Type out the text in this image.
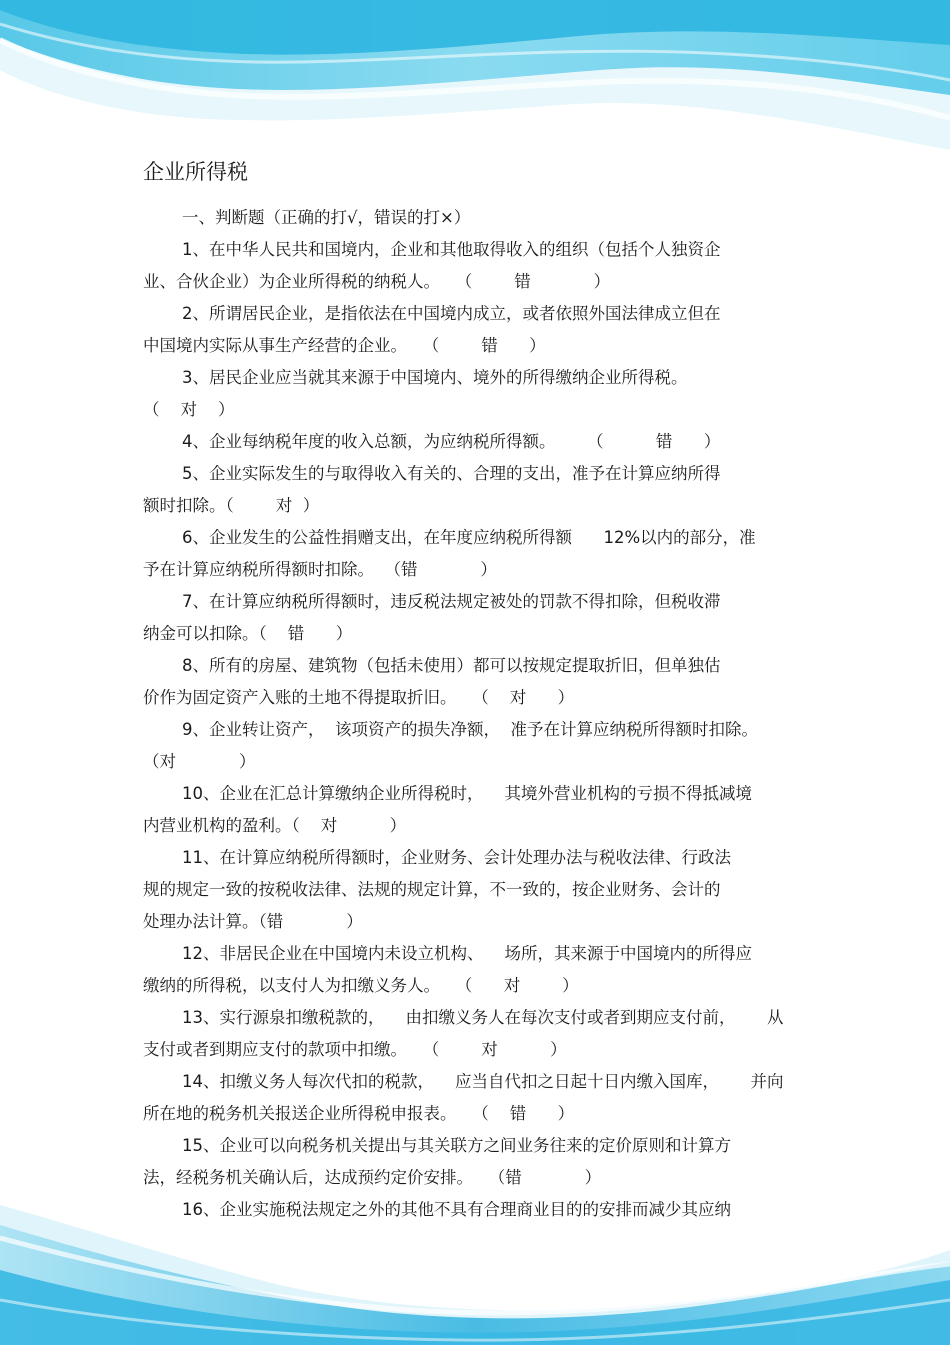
企业所得税
一、判断题（正确的打√，错误的打×）
1、在中华人民共和国境内，企业和其他取得收入的组织（包括个人独资企
业、合伙企业）为企业所得税的纳税人。   （        错            ）
2、所谓居民企业，是指依法在中国境内成立，或者依照外国法律成立但在
中国境内实际从事生产经营的企业。   （        错      ）
3、居民企业应当就其来源于中国境内、境外的所得缴纳企业所得税。
（    对    ）
4、企业每纳税年度的收入总额，为应纳税所得额。      （          错      ）
5、企业实际发生的与取得收入有关的、合理的支出，准予在计算应纳所得
额时扣除。（        对  ）
6、企业发生的公益性捐赠支出，在年度应纳税所得额      12%以内的部分，准
予在计算应纳税所得额时扣除。  （错            ）
7、在计算应纳税所得额时，违反税法规定被处的罚款不得扣除，但税收滞
纳金可以扣除。（    错      ）
8、所有的房屋、建筑物（包括未使用）都可以按规定提取折旧，但单独估
价作为固定资产入账的土地不得提取折旧。   （    对      ）
9、企业转让资产，  该项资产的损失净额，  准予在计算应纳税所得额时扣除。
（对            ）
10、企业在汇总计算缴纳企业所得税时，    其境外营业机构的亏损不得抵减境
内营业机构的盈利。（    对          ）
11、在计算应纳税所得额时，企业财务、会计处理办法与税收法律、行政法
规的规定一致的按税收法律、法规的规定计算，不一致的，按企业财务、会计的
处理办法计算。（错            ）
12、非居民企业在中国境内未设立机构、    场所，其来源于中国境内的所得应
缴纳的所得税，以支付人为扣缴义务人。   （      对        ）
13、实行源泉扣缴税款的，    由扣缴义务人在每次支付或者到期应支付前，      从
支付或者到期应支付的款项中扣缴。   （        对          ）
14、扣缴义务人每次代扣的税款，    应当自代扣之日起十日内缴入国库，      并向
所在地的税务机关报送企业所得税申报表。   （    错      ）
15、企业可以向税务机关提出与其关联方之间业务往来的定价原则和计算方
法，经税务机关确认后，达成预约定价安排。   （错            ）
16、企业实施税法规定之外的其他不具有合理商业目的的安排而减少其应纳
